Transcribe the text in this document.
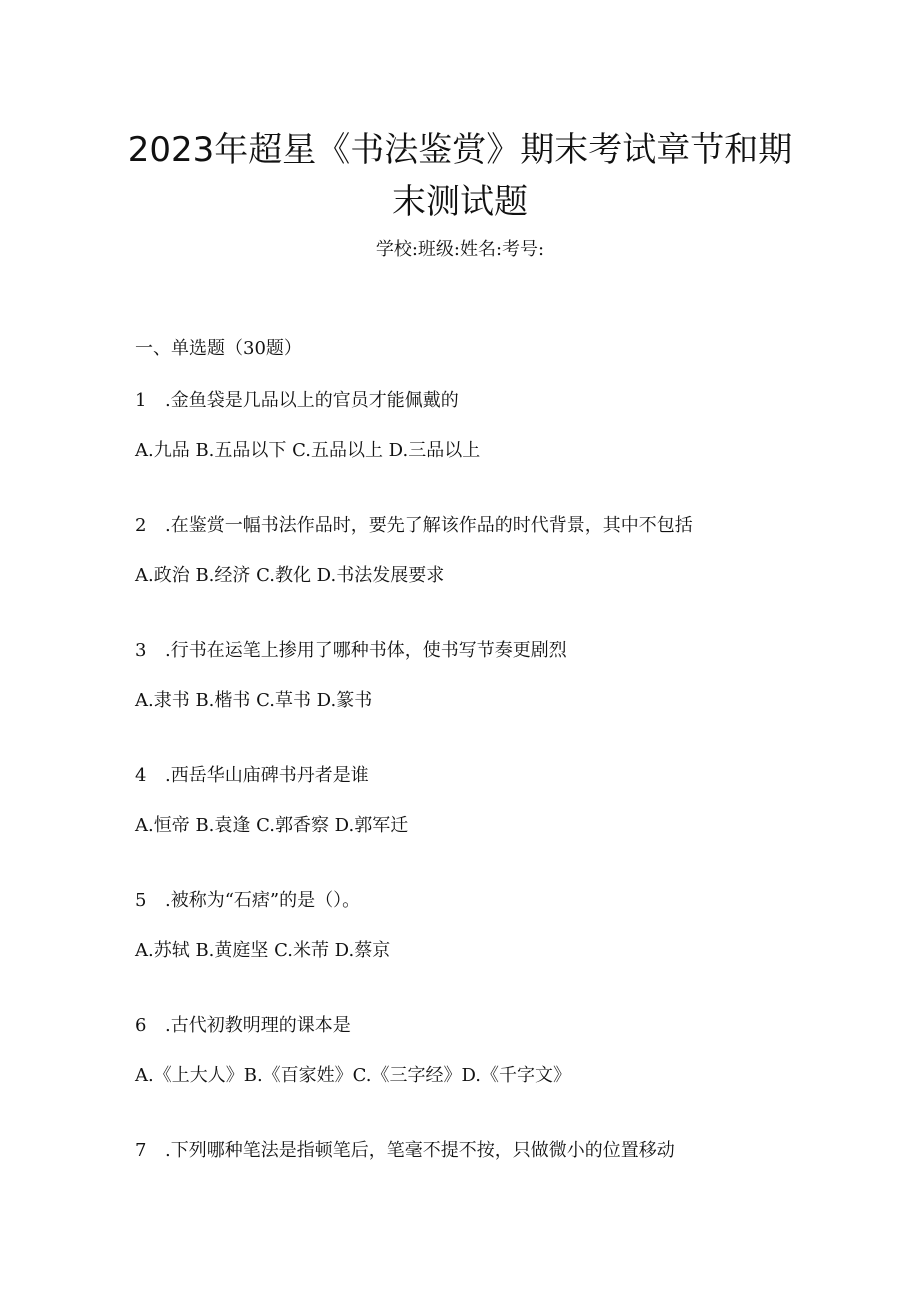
2023年超星《书法鉴赏》期末考试章节和期
末测试题
学校:班级:姓名:考号:
一、单选题（30题）
1 .金鱼袋是几品以上的官员才能佩戴的
A.九品 B.五品以下 C.五品以上 D.三品以上
2 .在鉴赏一幅书法作品时，要先了解该作品的时代背景，其中不包括
A.政治 B.经济 C.教化 D.书法发展要求
3 .行书在运笔上掺用了哪种书体，使书写节奏更剧烈
A.隶书 B.楷书 C.草书 D.篆书
4 .西岳华山庙碑书丹者是谁
A.恒帝 B.袁逢 C.郭香察 D.郭军迁
5 .被称为“石痞”的是（）。
A.苏轼 B.黄庭坚 C.米芾 D.蔡京
6 .古代初教明理的课本是
A.《上大人》B.《百家姓》C.《三字经》D.《千字文》
7 .下列哪种笔法是指顿笔后，笔毫不提不按，只做微小的位置移动
